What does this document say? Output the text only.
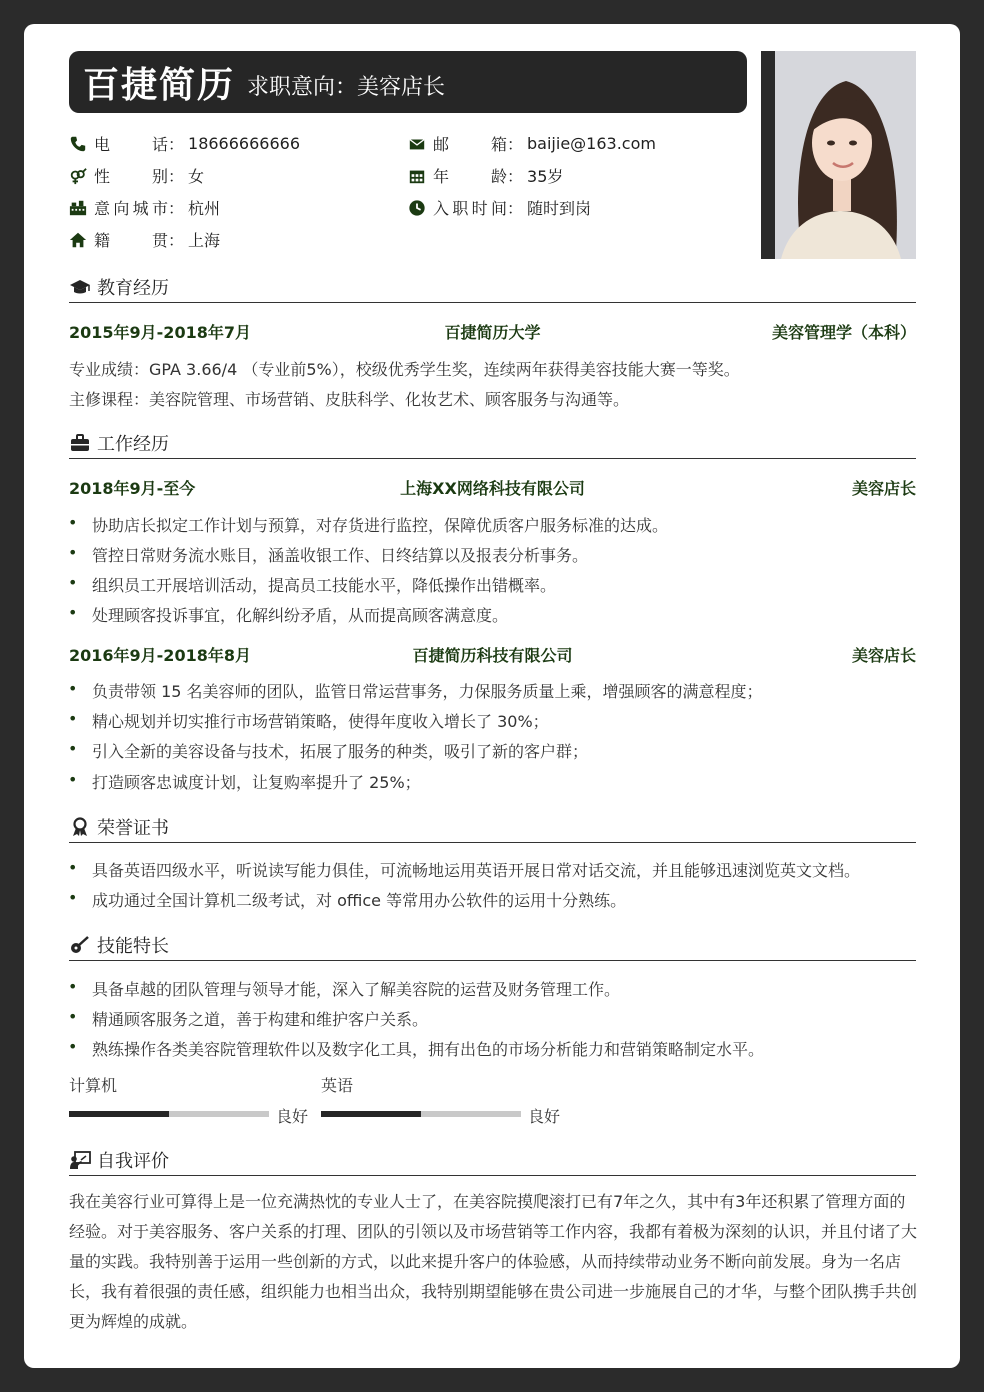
百捷简历 求职意向：美容店长
电话 ： 18666666666	邮箱 ： baijie@163.com
性别 ： 女	年龄 ： 35岁
意向城市 ： 杭州	入职时间 ： 随时到岗
籍贯 ： 上海
教育经历
2015年9月-2018年7月	百捷简历大学	美容管理学（本科）
专业成绩：GPA 3.66/4 （专业前5%），校级优秀学生奖，连续两年获得美容技能大赛一等奖。
主修课程：美容院管理、市场营销、皮肤科学、化妆艺术、顾客服务与沟通等。
工作经历
2018年9月-至今	上海XX网络科技有限公司	美容店长
• 协助店长拟定工作计划与预算，对存货进行监控，保障优质客户服务标准的达成。
• 管控日常财务流水账目，涵盖收银工作、日终结算以及报表分析事务。
• 组织员工开展培训活动，提高员工技能水平，降低操作出错概率。
• 处理顾客投诉事宜，化解纠纷矛盾，从而提高顾客满意度。
2016年9月-2018年8月	百捷简历科技有限公司	美容店长
• 负责带领 15 名美容师的团队，监管日常运营事务，力保服务质量上乘，增强顾客的满意程度；
• 精心规划并切实推行市场营销策略，使得年度收入增长了 30%；
• 引入全新的美容设备与技术，拓展了服务的种类，吸引了新的客户群；
• 打造顾客忠诚度计划，让复购率提升了 25%；
荣誉证书
• 具备英语四级水平，听说读写能力俱佳，可流畅地运用英语开展日常对话交流，并且能够迅速浏览英文文档。
• 成功通过全国计算机二级考试，对 office 等常用办公软件的运用十分熟练。
技能特长
• 具备卓越的团队管理与领导才能，深入了解美容院的运营及财务管理工作。
• 精通顾客服务之道，善于构建和维护客户关系。
• 熟练操作各类美容院管理软件以及数字化工具，拥有出色的市场分析能力和营销策略制定水平。
计算机
良好
英语
良好
自我评价
我在美容行业可算得上是一位充满热忱的专业人士了，在美容院摸爬滚打已有7年之久，其中有3年还积累了管理方面的经验。对于美容服务、客户关系的打理、团队的引领以及市场营销等工作内容，我都有着极为深刻的认识，并且付诸了大量的实践。我特别善于运用一些创新的方式，以此来提升客户的体验感，从而持续带动业务不断向前发展。身为一名店长，我有着很强的责任感，组织能力也相当出众，我特别期望能够在贵公司进一步施展自己的才华，与整个团队携手共创更为辉煌的成就。
